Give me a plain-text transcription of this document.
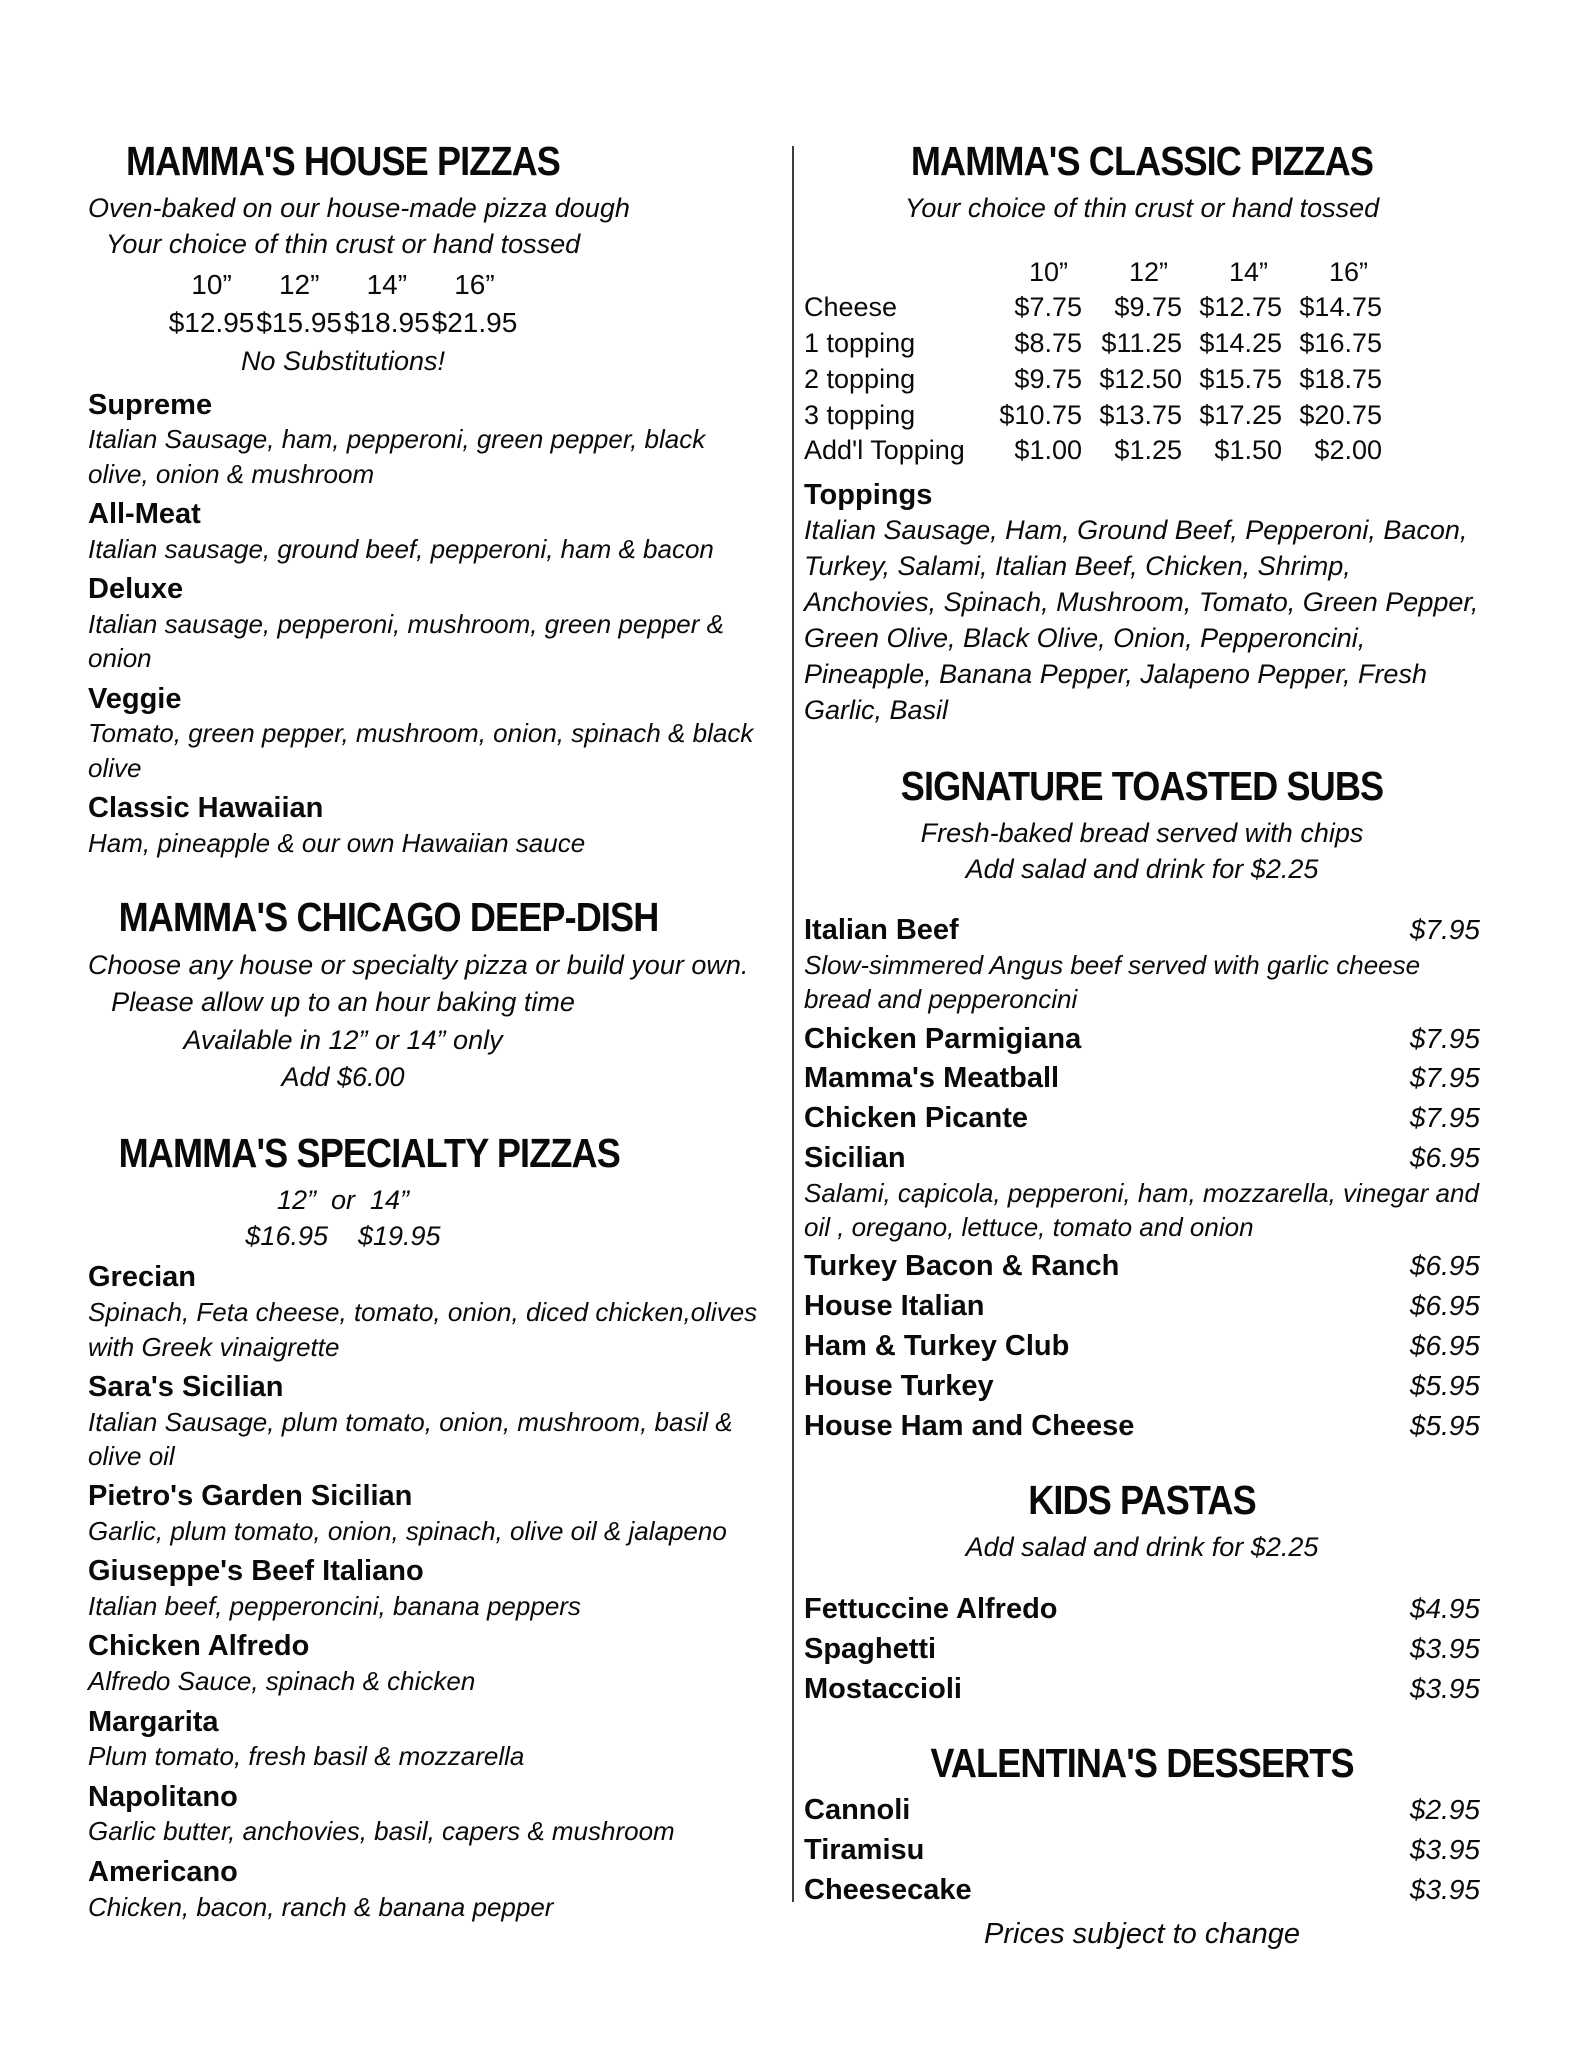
MAMMA'S HOUSE PIZZAS
Oven-baked on our house-made pizza dough
Your choice of thin crust or hand tossed
10”	12”	14”	16”
$12.95	$15.95	$18.95	$21.95
No Substitutions!
Supreme
Italian Sausage, ham, pepperoni, green pepper, black olive, onion & mushroom
All-Meat
Italian sausage, ground beef, pepperoni, ham & bacon
Deluxe
Italian sausage, pepperoni, mushroom, green pepper & onion
Veggie
Tomato, green pepper, mushroom, onion, spinach & black olive
Classic Hawaiian
Ham, pineapple & our own Hawaiian sauce
MAMMA'S CHICAGO DEEP-DISH
Choose any house or specialty pizza or build your own.
Please allow up to an hour baking time
Available in 12” or 14” only
Add $6.00
MAMMA'S SPECIALTY PIZZAS
12”  or  14”
$16.95    $19.95
Grecian
Spinach, Feta cheese, tomato, onion, diced chicken,olives with Greek vinaigrette
Sara's Sicilian
Italian Sausage, plum tomato, onion, mushroom, basil & olive oil
Pietro's Garden Sicilian
Garlic, plum tomato, onion, spinach, olive oil & jalapeno
Giuseppe's Beef Italiano
Italian beef, pepperoncini, banana peppers
Chicken Alfredo
Alfredo Sauce, spinach & chicken
Margarita
Plum tomato, fresh basil & mozzarella
Napolitano
Garlic butter, anchovies, basil, capers & mushroom
Americano
Chicken, bacon, ranch & banana pepper
MAMMA'S CLASSIC PIZZAS
Your choice of thin crust or hand tossed
	10”	12”	14”	16”
Cheese	$7.75	$9.75	$12.75	$14.75
1 topping	$8.75	$11.25	$14.25	$16.75
2 topping	$9.75	$12.50	$15.75	$18.75
3 topping	$10.75	$13.75	$17.25	$20.75
Add'l Topping	$1.00	$1.25	$1.50	$2.00
Toppings
Italian Sausage, Ham, Ground Beef, Pepperoni, Bacon, Turkey, Salami, Italian Beef, Chicken, Shrimp, Anchovies, Spinach, Mushroom, Tomato, Green Pepper, Green Olive, Black Olive, Onion, Pepperoncini, Pineapple, Banana Pepper, Jalapeno Pepper, Fresh Garlic, Basil
SIGNATURE TOASTED SUBS
Fresh-baked bread served with chips
Add salad and drink for $2.25
Italian Beef	$7.95
Slow-simmered Angus beef served with garlic cheese bread and pepperoncini
Chicken Parmigiana	$7.95
Mamma's Meatball	$7.95
Chicken Picante	$7.95
Sicilian	$6.95
Salami, capicola, pepperoni, ham, mozzarella, vinegar and oil , oregano, lettuce, tomato and onion
Turkey Bacon & Ranch	$6.95
House Italian	$6.95
Ham & Turkey Club	$6.95
House Turkey	$5.95
House Ham and Cheese	$5.95
KIDS PASTAS
Add salad and drink for $2.25
Fettuccine Alfredo	$4.95
Spaghetti	$3.95
Mostaccioli	$3.95
VALENTINA'S DESSERTS
Cannoli	$2.95
Tiramisu	$3.95
Cheesecake	$3.95
Prices subject to change
